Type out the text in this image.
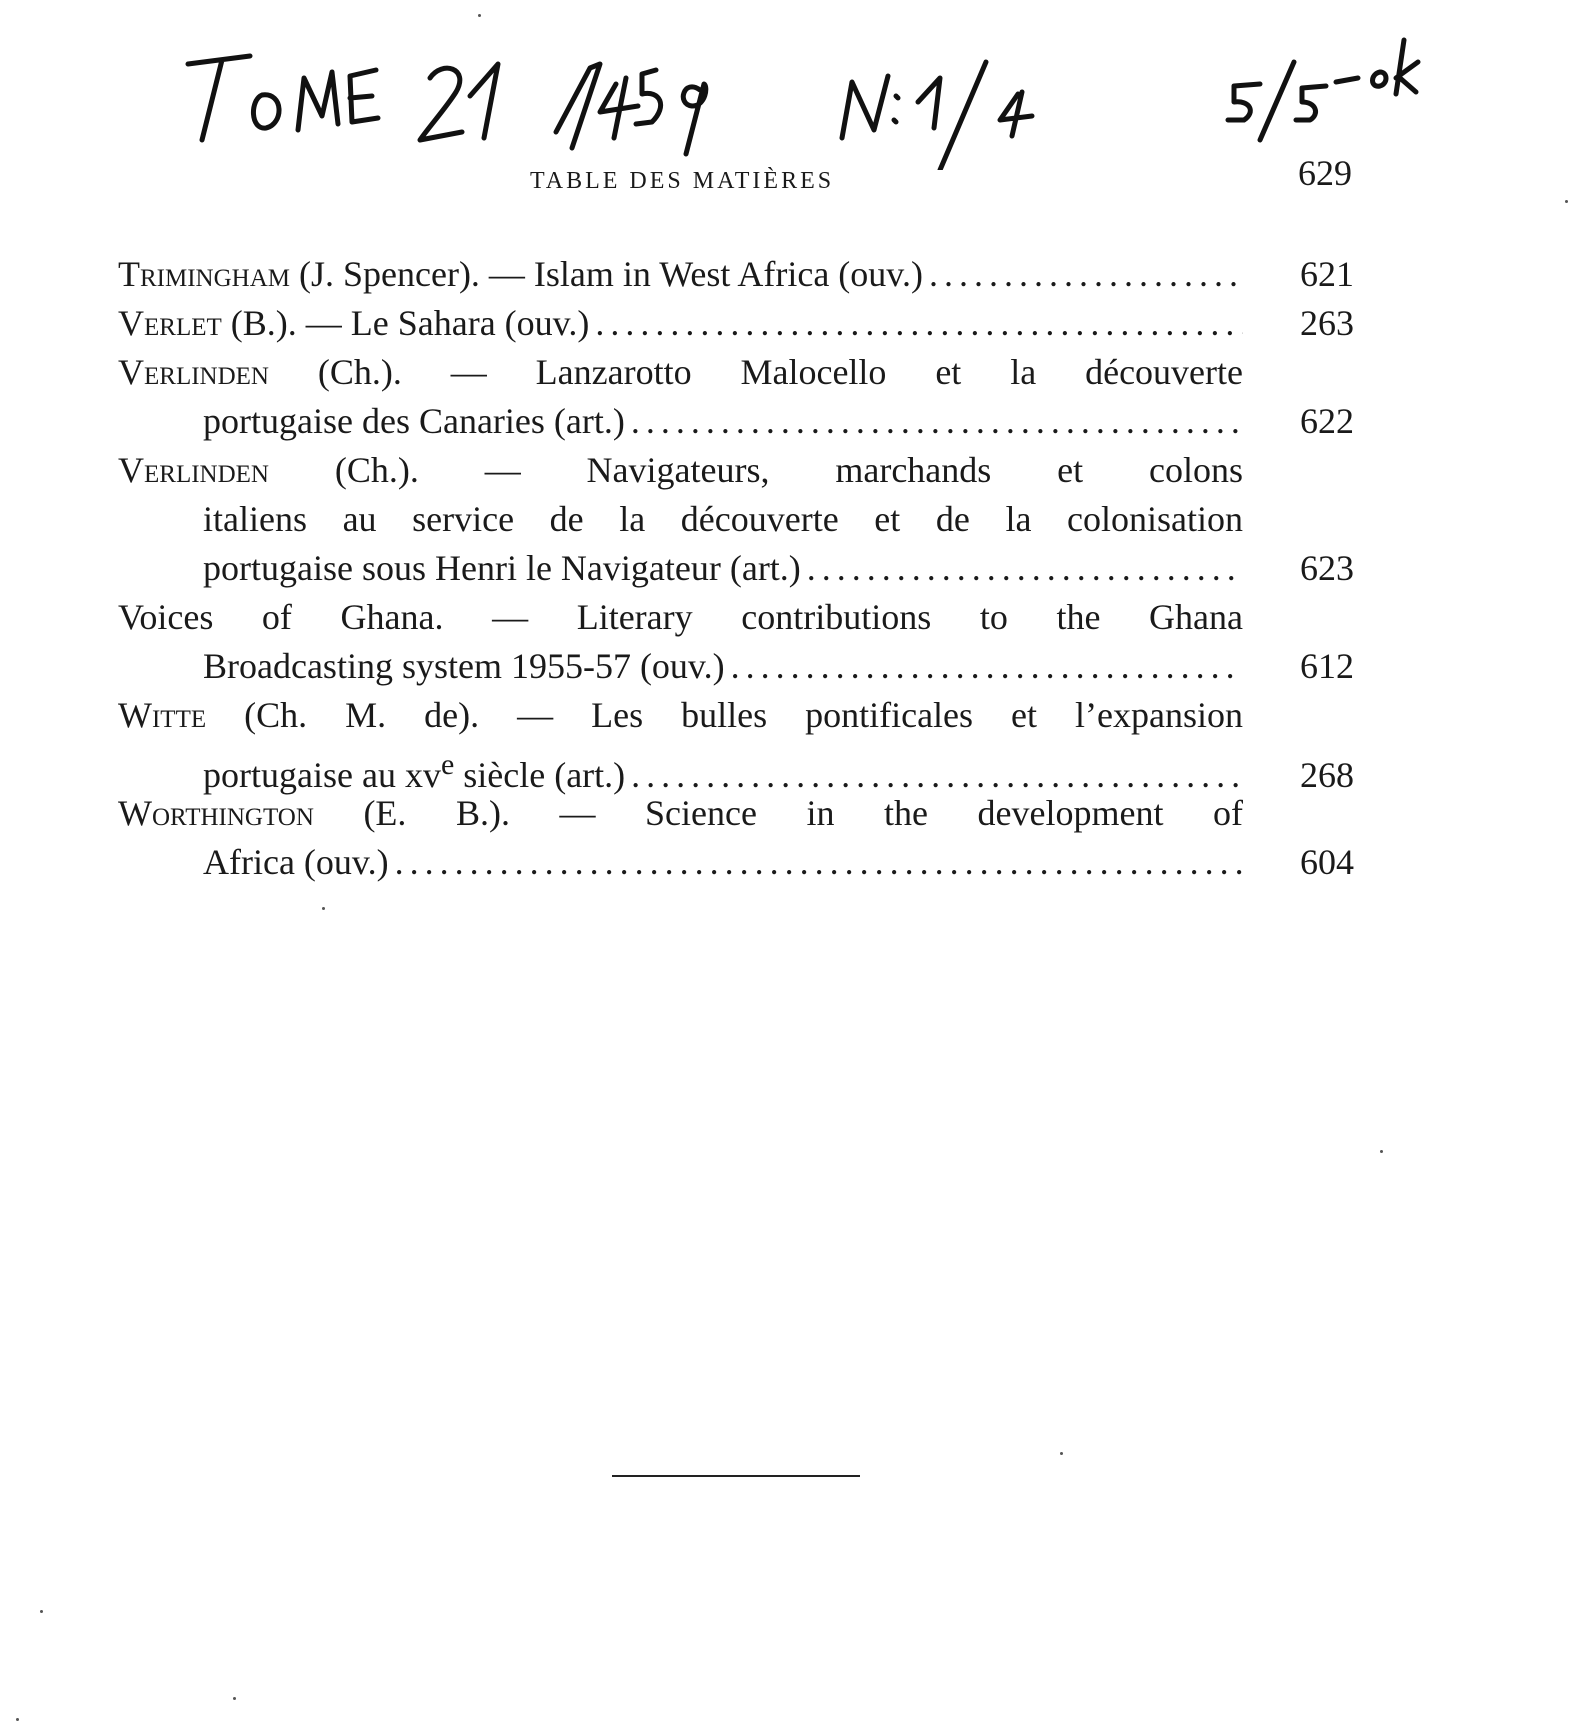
TABLE DES MATIÈRES	629
Trimingham (J. Spencer). — Islam in West Africa (ouv.) .....	621
Verlet (B.). — Le Sahara (ouv.) .....	263
Verlinden (Ch.). — Lanzarotto Malocello et la découverte
portugaise des Canaries (art.) .....	622
Verlinden (Ch.). — Navigateurs, marchands et colons
italiens au service de la découverte et de la colonisation
portugaise sous Henri le Navigateur (art.) .....	623
Voices of Ghana. — Literary contributions to the Ghana
Broadcasting system 1955-57 (ouv.) .....	612
Witte (Ch. M. de). — Les bulles pontificales et l’expansion
portugaise au $xv^e$ siècle (art.) .....	268
Worthington (E. B.). — Science in the development of
Africa (ouv.) .....	604
